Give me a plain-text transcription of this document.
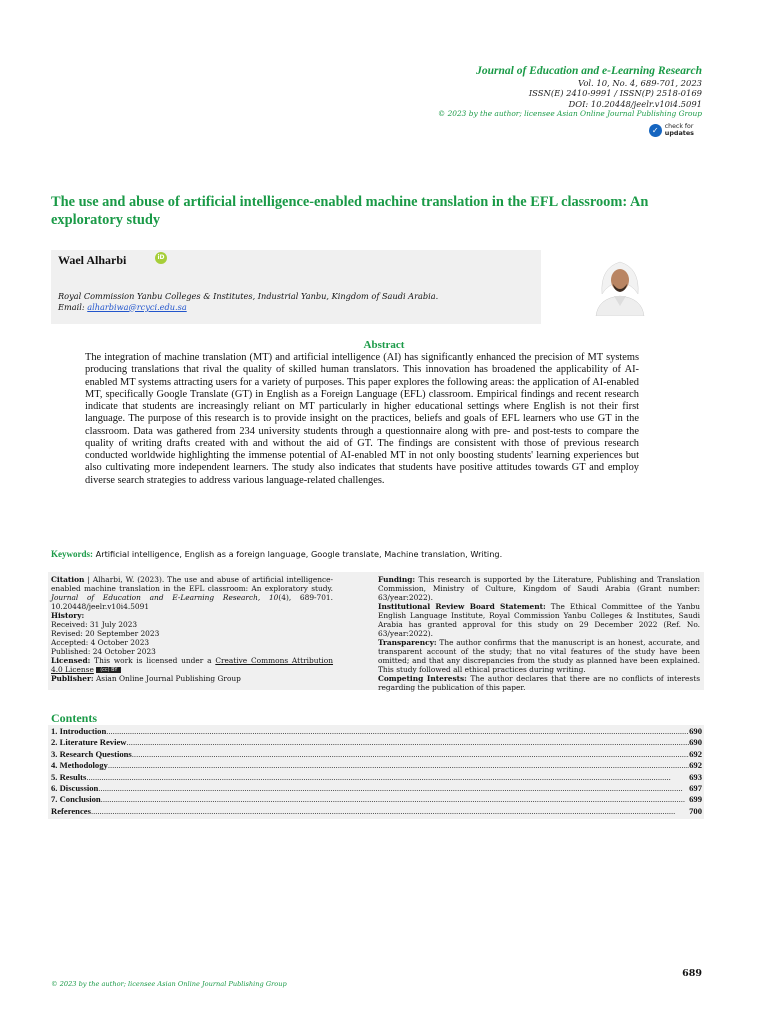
Journal of Education and e-Learning Research
Vol. 10, No. 4, 689-701, 2023
ISSN(E) 2410-9991 / ISSN(P) 2518-0169
DOI: 10.20448/jeelr.v10i4.5091
© 2023 by the author; licensee Asian Online Journal Publishing Group
✓ check for
updates
The use and abuse of artificial intelligence-enabled machine translation in the EFL classroom: An exploratory study
Wael Alharbi	iD
Royal Commission Yanbu Colleges & Institutes, Industrial Yanbu, Kingdom of Saudi Arabia.
Email: alharbiwa@rcyci.edu.sa
Abstract
The integration of machine translation (MT) and artificial intelligence (AI) has significantly enhanced the precision of MT systems producing translations that rival the quality of skilled human translators. This innovation has broadened the applicability of AI-enabled MT systems attracting users for a variety of purposes. This paper explores the following areas: the application of AI-enabled MT, specifically Google Translate (GT) in English as a Foreign Language (EFL) classroom. Empirical findings and recent research indicate that students are increasingly reliant on MT particularly in higher educational settings where English is not their first language. The purpose of this research is to provide insight on the practices, beliefs and goals of EFL learners who use GT in the classroom. Data was gathered from 234 university students through a questionnaire along with pre- and post-tests to compare the quality of writing drafts created with and without the aid of GT. The findings are consistent with those of previous research conducted worldwide highlighting the immense potential of AI-enabled MT in not only boosting students' learning experiences but also cultivating more independent learners. The study also indicates that students have positive attitudes towards GT and employ diverse search strategies to address various language-related challenges.
Keywords: Artificial intelligence, English as a foreign language, Google translate, Machine translation, Writing.
Citation | Alharbi, W. (2023). The use and abuse of artificial intelligence-enabled machine translation in the EFL classroom: An exploratory study. Journal of Education and E-Learning Research, 10(4), 689-701. 10.20448/jeelr.v10i4.5091
History:
Received: 31 July 2023
Revised: 20 September 2023
Accepted: 4 October 2023
Published: 24 October 2023
Licensed: This work is licensed under a Creative Commons Attribution 4.0 License (cc) BY
Publisher: Asian Online Journal Publishing Group
Funding: This research is supported by the Literature, Publishing and Translation Commission, Ministry of Culture, Kingdom of Saudi Arabia (Grant number: 63/year:2022).
Institutional Review Board Statement: The Ethical Committee of the Yanbu English Language Institute, Royal Commission Yanbu Colleges & Institutes, Saudi Arabia has granted approval for this study on 29 December 2022 (Ref. No. 63/year:2022).
Transparency: The author confirms that the manuscript is an honest, accurate, and transparent account of the study; that no vital features of the study have been omitted; and that any discrepancies from the study as planned have been explained. This study followed all ethical practices during writing.
Competing Interests: The author declares that there are no conflicts of interests regarding the publication of this paper.
Contents
1. Introduction .....	690
2. Literature Review .....	690
3. Research Questions .....	692
4. Methodology .....	692
5. Results .....	693
6. Discussion .....	697
7. Conclusion .....	699
References .....	700
689
© 2023 by the author; licensee Asian Online Journal Publishing Group
